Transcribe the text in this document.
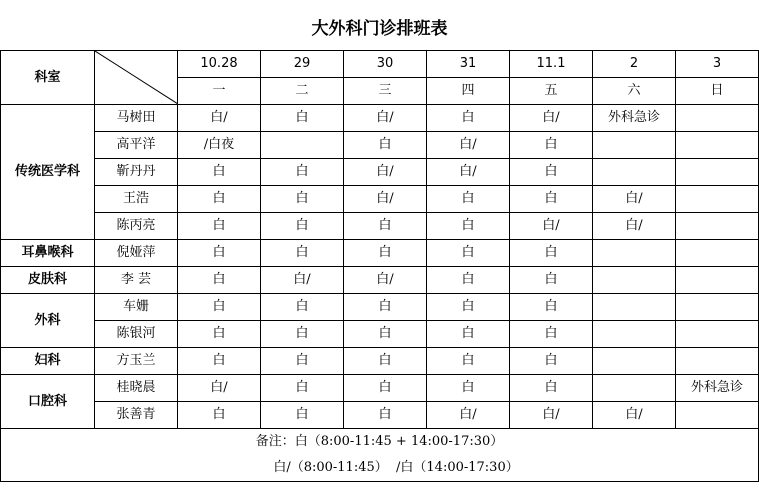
大外科门诊排班表
科室		10.28	29	30	31	11.1	2	3
		一	二	三	四	五	六	日
传统医学科	马树田	白/	白	白/	白	白/	外科急诊	
	高平洋	/白夜		白	白/	白		
	靳丹丹	白	白	白/	白/	白		
	王浩	白	白	白/	白	白	白/	
	陈丙亮	白	白	白	白	白/	白/	
耳鼻喉科	倪娅萍	白	白	白	白	白		
皮肤科	李 芸	白	白/	白/	白	白		
外科	车姗	白	白	白	白	白		
	陈银河	白	白	白	白	白		
妇科	方玉兰	白	白	白	白	白		
口腔科	桂晓晨	白/	白	白	白	白		外科急诊
	张善青	白	白	白	白/	白/	白/	

备注：白（8:00-11:45 + 14:00-17:30）
白/（8:00-11:45）  /白（14:00-17:30）								
